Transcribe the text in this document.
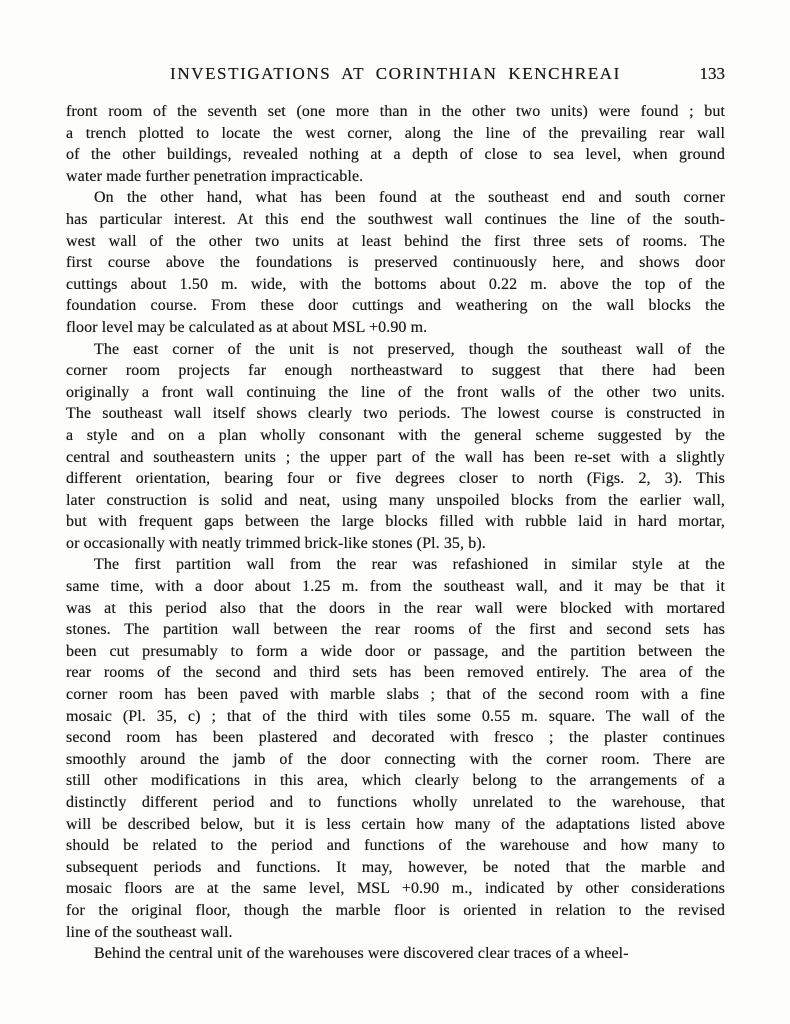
INVESTIGATIONS AT CORINTHIAN KENCHREAI	133
front room of the seventh set (one more than in the other two units) were found ; but
a trench plotted to locate the west corner, along the line of the prevailing rear wall
of the other buildings, revealed nothing at a depth of close to sea level, when ground
water made further penetration impracticable.
On the other hand, what has been found at the southeast end and south corner
has particular interest. At this end the southwest wall continues the line of the south-
west wall of the other two units at least behind the first three sets of rooms. The
first course above the foundations is preserved continuously here, and shows door
cuttings about 1.50 m. wide, with the bottoms about 0.22 m. above the top of the
foundation course. From these door cuttings and weathering on the wall blocks the
floor level may be calculated as at about MSL +0.90 m.
The east corner of the unit is not preserved, though the southeast wall of the
corner room projects far enough northeastward to suggest that there had been
originally a front wall continuing the line of the front walls of the other two units.
The southeast wall itself shows clearly two periods. The lowest course is constructed in
a style and on a plan wholly consonant with the general scheme suggested by the
central and southeastern units ; the upper part of the wall has been re-set with a slightly
different orientation, bearing four or five degrees closer to north (Figs. 2, 3). This
later construction is solid and neat, using many unspoiled blocks from the earlier wall,
but with frequent gaps between the large blocks filled with rubble laid in hard mortar,
or occasionally with neatly trimmed brick-like stones (Pl. 35, b).
The first partition wall from the rear was refashioned in similar style at the
same time, with a door about 1.25 m. from the southeast wall, and it may be that it
was at this period also that the doors in the rear wall were blocked with mortared
stones. The partition wall between the rear rooms of the first and second sets has
been cut presumably to form a wide door or passage, and the partition between the
rear rooms of the second and third sets has been removed entirely. The area of the
corner room has been paved with marble slabs ; that of the second room with a fine
mosaic (Pl. 35, c) ; that of the third with tiles some 0.55 m. square. The wall of the
second room has been plastered and decorated with fresco ; the plaster continues
smoothly around the jamb of the door connecting with the corner room. There are
still other modifications in this area, which clearly belong to the arrangements of a
distinctly different period and to functions wholly unrelated to the warehouse, that
will be described below, but it is less certain how many of the adaptations listed above
should be related to the period and functions of the warehouse and how many to
subsequent periods and functions. It may, however, be noted that the marble and
mosaic floors are at the same level, MSL +0.90 m., indicated by other considerations
for the original floor, though the marble floor is oriented in relation to the revised
line of the southeast wall.
Behind the central unit of the warehouses were discovered clear traces of a wheel-
